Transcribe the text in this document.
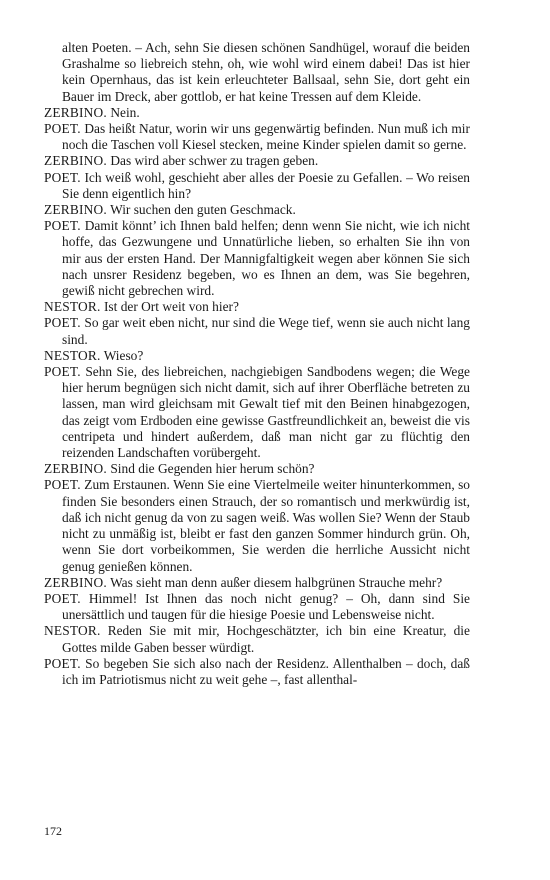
alten Poeten. – Ach, sehn Sie diesen schönen Sandhügel, worauf die beiden Grashalme so liebreich stehn, oh, wie wohl wird einem dabei! Das ist hier kein Opernhaus, das ist kein erleuchteter Ballsaal, sehn Sie, dort geht ein Bauer im Dreck, aber gottlob, er hat keine Tressen auf dem Kleide.

ZERBINO. Nein.

POET. Das heißt Natur, worin wir uns gegenwärtig befinden. Nun muß ich mir noch die Taschen voll Kiesel stecken, meine Kinder spielen damit so gerne.

ZERBINO. Das wird aber schwer zu tragen geben.

POET. Ich weiß wohl, geschieht aber alles der Poesie zu Gefallen. – Wo reisen Sie denn eigentlich hin?

ZERBINO. Wir suchen den guten Geschmack.

POET. Damit könnt’ ich Ihnen bald helfen; denn wenn Sie nicht, wie ich nicht hoffe, das Gezwungene und Unnatürliche lieben, so erhalten Sie ihn von mir aus der ersten Hand. Der Mannigfaltigkeit wegen aber können Sie sich nach unsrer Residenz begeben, wo es Ihnen an dem, was Sie begehren, gewiß nicht gebrechen wird.

NESTOR. Ist der Ort weit von hier?

POET. So gar weit eben nicht, nur sind die Wege tief, wenn sie auch nicht lang sind.

NESTOR. Wieso?

POET. Sehn Sie, des liebreichen, nachgiebigen Sandbodens wegen; die Wege hier herum begnügen sich nicht damit, sich auf ihrer Oberfläche betreten zu lassen, man wird gleichsam mit Gewalt tief mit den Beinen hinabgezogen, das zeigt vom Erdboden eine gewisse Gastfreundlichkeit an, beweist die vis centripeta und hindert außerdem, daß man nicht gar zu flüchtig den reizenden Landschaften vorübergeht.

ZERBINO. Sind die Gegenden hier herum schön?

POET. Zum Erstaunen. Wenn Sie eine Viertelmeile weiter hinunterkommen, so finden Sie besonders einen Strauch, der so romantisch und merkwürdig ist, daß ich nicht genug da von zu sagen weiß. Was wollen Sie? Wenn der Staub nicht zu unmäßig ist, bleibt er fast den ganzen Sommer hindurch grün. Oh, wenn Sie dort vorbeikommen, Sie werden die herrliche Aussicht nicht genug genießen können.

ZERBINO. Was sieht man denn außer diesem halbgrünen Strauche mehr?

POET. Himmel! Ist Ihnen das noch nicht genug? – Oh, dann sind Sie unersättlich und taugen für die hiesige Poesie und Lebensweise nicht.

NESTOR. Reden Sie mit mir, Hochgeschätzter, ich bin eine Kreatur, die Gottes milde Gaben besser würdigt.

POET. So begeben Sie sich also nach der Residenz. Allenthalben – doch, daß ich im Patriotismus nicht zu weit gehe –, fast allenthal-

172
